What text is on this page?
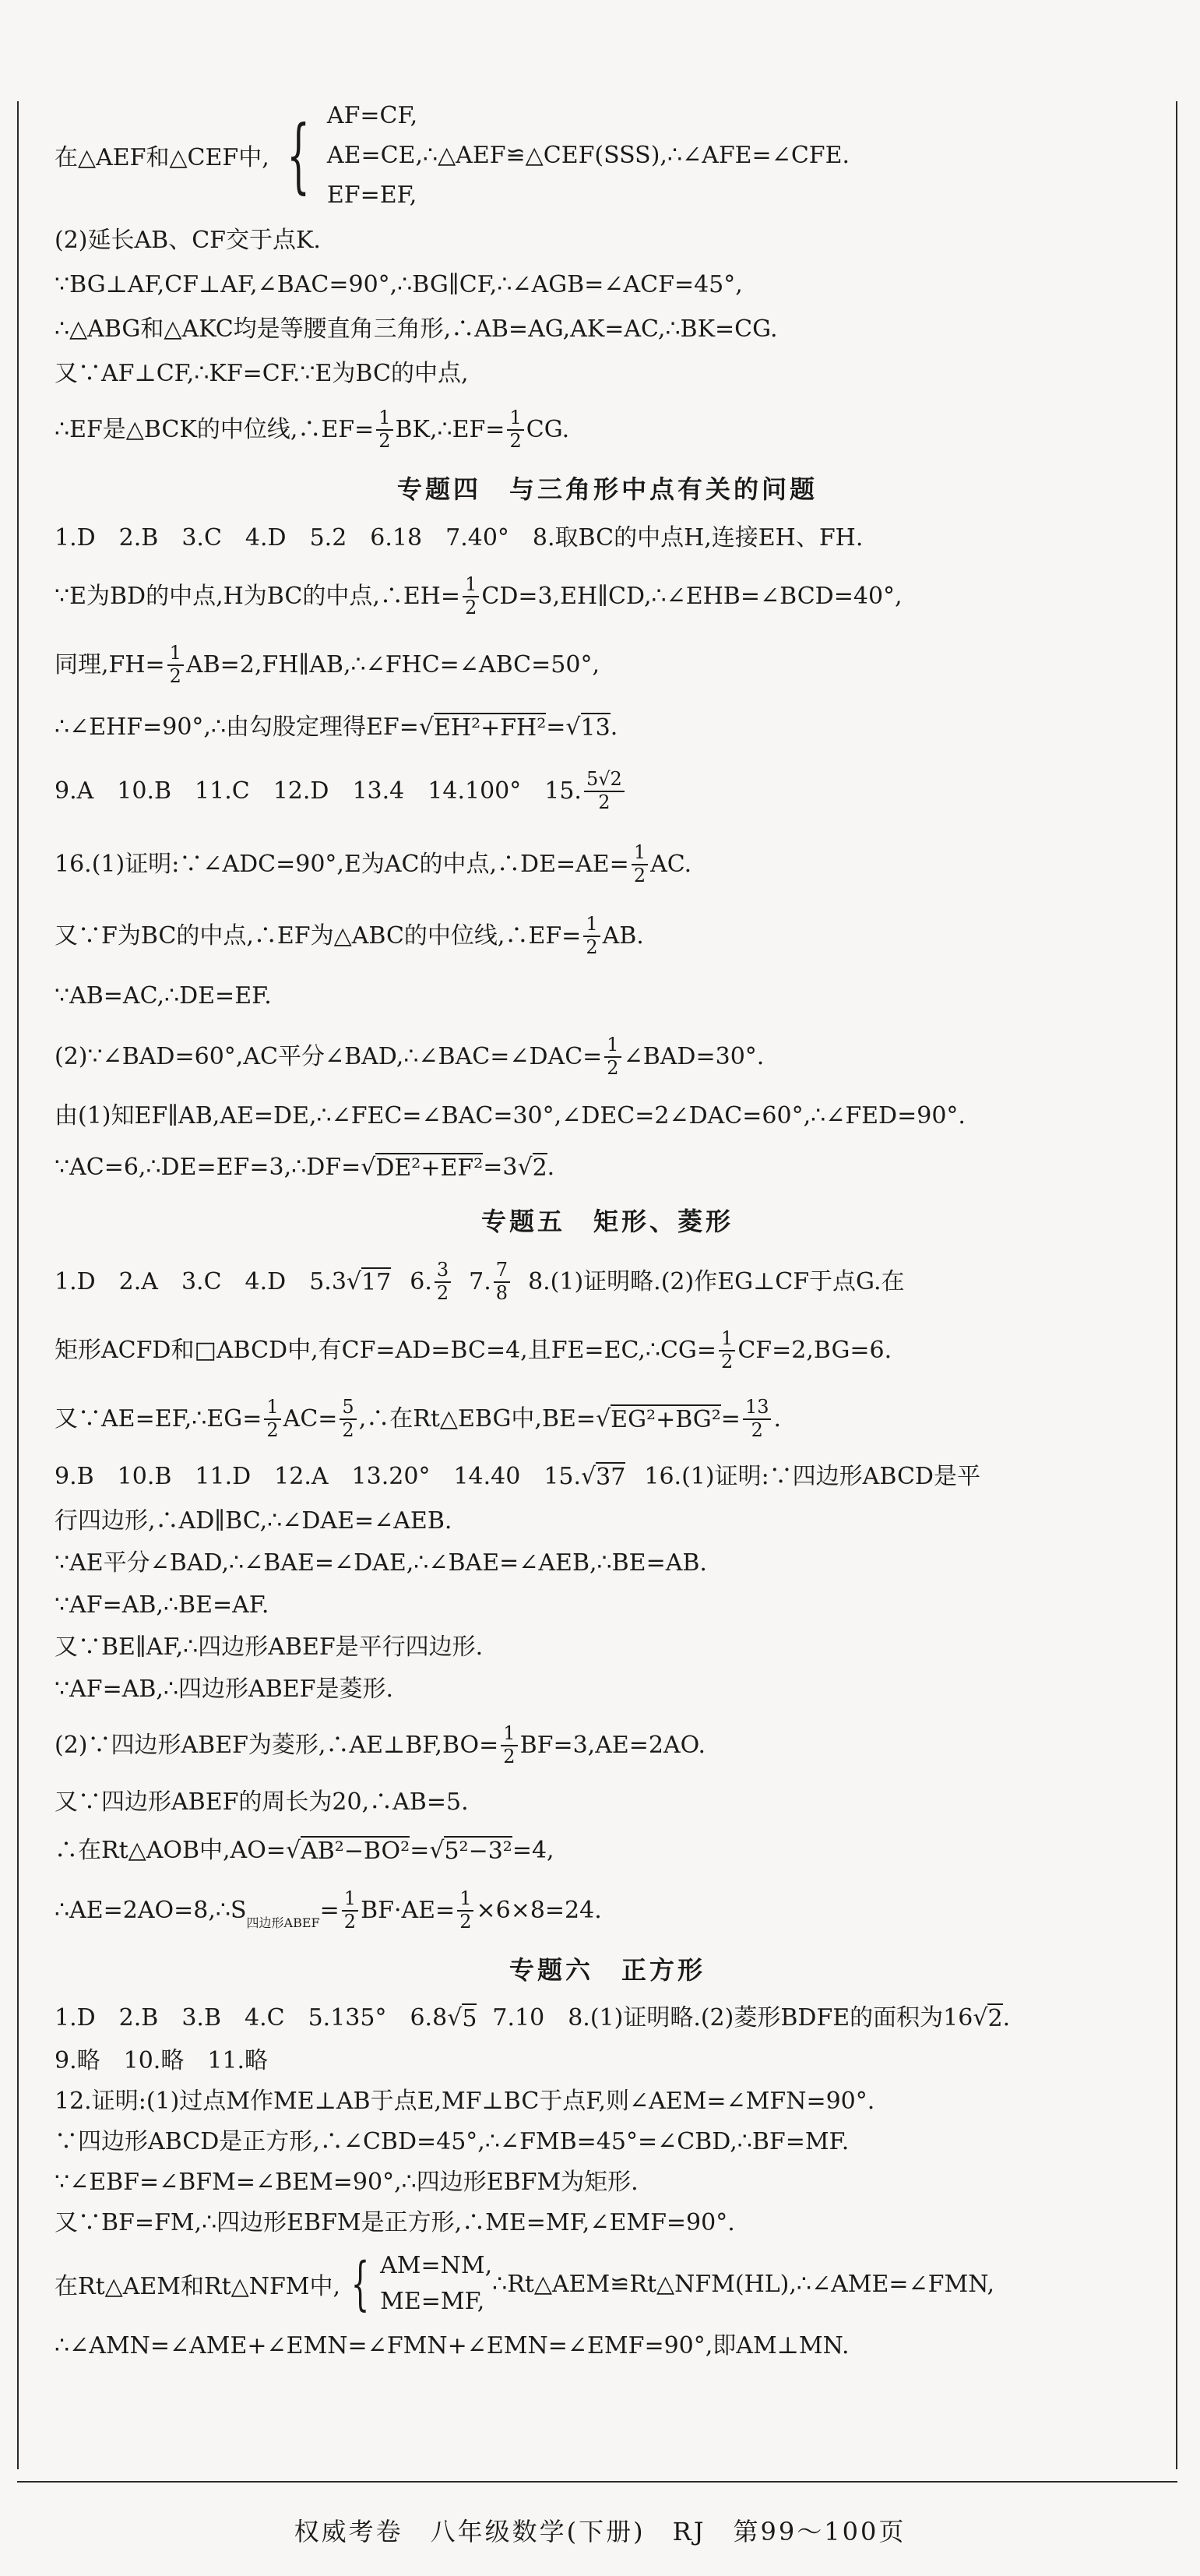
在△AEF和△CEF中, { AF=CF,
AE=CE,∴△AEF≌△CEF(SSS),∴∠AFE=∠CFE.
EF=EF,
(2)延长AB、CF交于点K.
∵BG⊥AF,CF⊥AF,∠BAC=90°,∴BG∥CF,∴∠AGB=∠ACF=45°,
∴△ABG和△AKC均是等腰直角三角形,∴AB=AG,AK=AC,∴BK=CG.
又∵AF⊥CF,∴KF=CF.∵E为BC的中点,
∴EF是△BCK的中位线,∴EF= $\frac{1}{2}$ BK,∴EF= $\frac{1}{2}$ CG.
专题四　与三角形中点有关的问题
1.D　2.B　3.C　4.D　5.2　6.18　7.40°　8.取BC的中点H,连接EH、FH.
∵E为BD的中点,H为BC的中点,∴EH= $\frac{1}{2}$ CD=3,EH∥CD,∴∠EHB=∠BCD=40°,
同理$,FH= \frac{1}{2}$ AB=2,FH∥AB,∴∠FHC=∠ABC=50°,
∴∠EHF=90°,∴由勾股定理得EF= √ EH²+FH² = √ 13 .
9.A　10.B　11.C　12.D　13.4　14.100°　15. $\frac{5√2}{2}$
16.(1)证明:∵∠ADC=90°,E为AC的中点,∴DE=AE= $\frac{1}{2}$ AC.
又∵F为BC的中点,∴EF为△ABC的中位线,∴EF= $\frac{1}{2}$ AB.
∵AB=AC,∴DE=EF.
(2)∵∠BAD=60°,AC平分∠BAD,∴∠BAC=∠DAC= $\frac{1}{2}$ ∠BAD=30°.
由(1)知EF∥AB,AE=DE,∴∠FEC=∠BAC=30°,∠DEC=2∠DAC=60°,∴∠FED=90°.
∵AC=6,∴DE=EF=3,∴DF= √ DE²+EF² =3 √ 2 .
专题五　矩形、菱形
1.D　2.A　3.C　4.D　5.3 √ 17 6. $\frac{3}{2} 7$. $\frac{7}{8} 8.(1)$证明略.(2)作EG⊥CF于点G.在
矩形ACFD和□ABCD中,有CF=AD=BC=4,且FE=EC,∴CG= $\frac{1}{2} CF=2,BG=6$.
又∵AE=EF,∴EG= $\frac{1}{2} AC= \frac{5}{2}$ ,∴在Rt△EBG中,BE= √ $EG^2+BG^2 = \frac{13}{2}$ .
9.B　10.B　11.D　12.A　13.20°　14.40　15. √ 37 16.(1)证明:∵四边形ABCD是平
行四边形,∴AD∥BC,∴∠DAE=∠AEB.
∵AE平分∠BAD,∴∠BAE=∠DAE,∴∠BAE=∠AEB,∴BE=AB.
∵AF=AB,∴BE=AF.
又∵BE∥AF,∴四边形ABEF是平行四边形.
∵AF=AB,∴四边形ABEF是菱形.
(2)∵四边形ABEF为菱形,∴AE⊥BF,BO= $\frac{1}{2} BF=3,AE=2AO$.
又∵四边形ABEF的周长为20,∴AB=5.
∴在Rt△AOB中,AO= √ AB²−BO² = √ 5²−3² =4,
∴AE=2AO=8,∴S 四边形ABEF = $\frac{1}{2} BF\cdot AE= \frac{1}{2} \times 6\times 8=24$.
专题六　正方形
1.D　2.B　3.B　4.C　5.135°　6.8 √ 5 7.10　8.(1)证明略.(2)菱形BDFE的面积为16 √ 2 .
9.略　10.略　11.略
12.证明:(1)过点M作ME⊥AB于点E,MF⊥BC于点F,则∠AEM=∠MFN=90°.
∵四边形ABCD是正方形,∴∠CBD=45°,∴∠FMB=45°=∠CBD,∴BF=MF.
∵∠EBF=∠BFM=∠BEM=90°,∴四边形EBFM为矩形.
又∵BF=FM,∴四边形EBFM是正方形,∴ME=MF,∠EMF=90°.
在Rt△AEM和Rt△NFM中, { AM=NM,
ME=MF,
∴Rt△AEM≌Rt△NFM(HL),∴∠AME=∠FMN,
∴∠AMN=∠AME+∠EMN=∠FMN+∠EMN=∠EMF=90°,即AM⊥MN.
权威考卷　八年级数学(下册)　RJ　第99～100页
